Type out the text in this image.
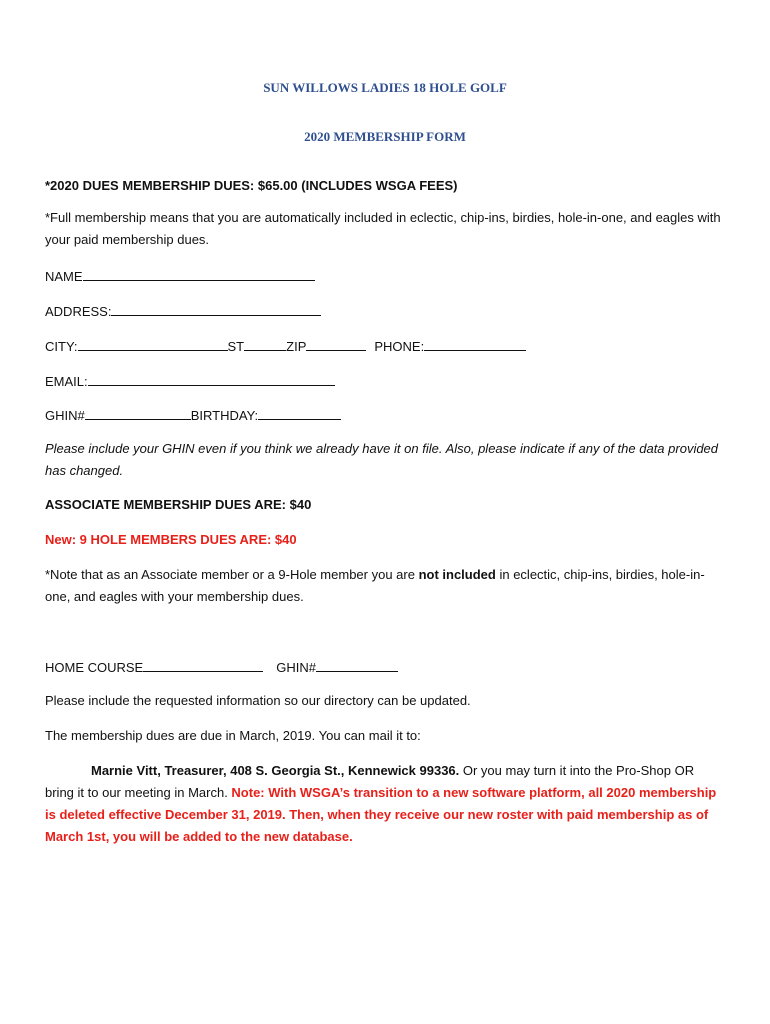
SUN WILLOWS LADIES 18 HOLE GOLF
2020 MEMBERSHIP FORM
*2020 DUES MEMBERSHIP DUES: $65.00 (INCLUDES WSGA FEES)
*Full membership means that you are automatically included in eclectic, chip-ins, birdies, hole-in-one, and eagles with your paid membership dues.
NAME
ADDRESS:
CITY:	ST	ZIP	PHONE:
EMAIL:
GHIN#	BIRTHDAY:
Please include your GHIN even if you think we already have it on file. Also, please indicate if any of the data provided has changed.
ASSOCIATE MEMBERSHIP DUES ARE: $40
New: 9 HOLE MEMBERS DUES ARE: $40
*Note that as an Associate member or a 9-Hole member you are not included in eclectic, chip-ins, birdies, hole-in-one, and eagles with your membership dues.
HOME COURSE	GHIN#
Please include the requested information so our directory can be updated.
The membership dues are due in March, 2019. You can mail it to:
Marnie Vitt, Treasurer, 408 S. Georgia St., Kennewick 99336. Or you may turn it into the Pro-Shop OR bring it to our meeting in March. Note: With WSGA’s transition to a new software platform, all 2020 membership is deleted effective December 31, 2019. Then, when they receive our new roster with paid membership as of March 1st, you will be added to the new database.
